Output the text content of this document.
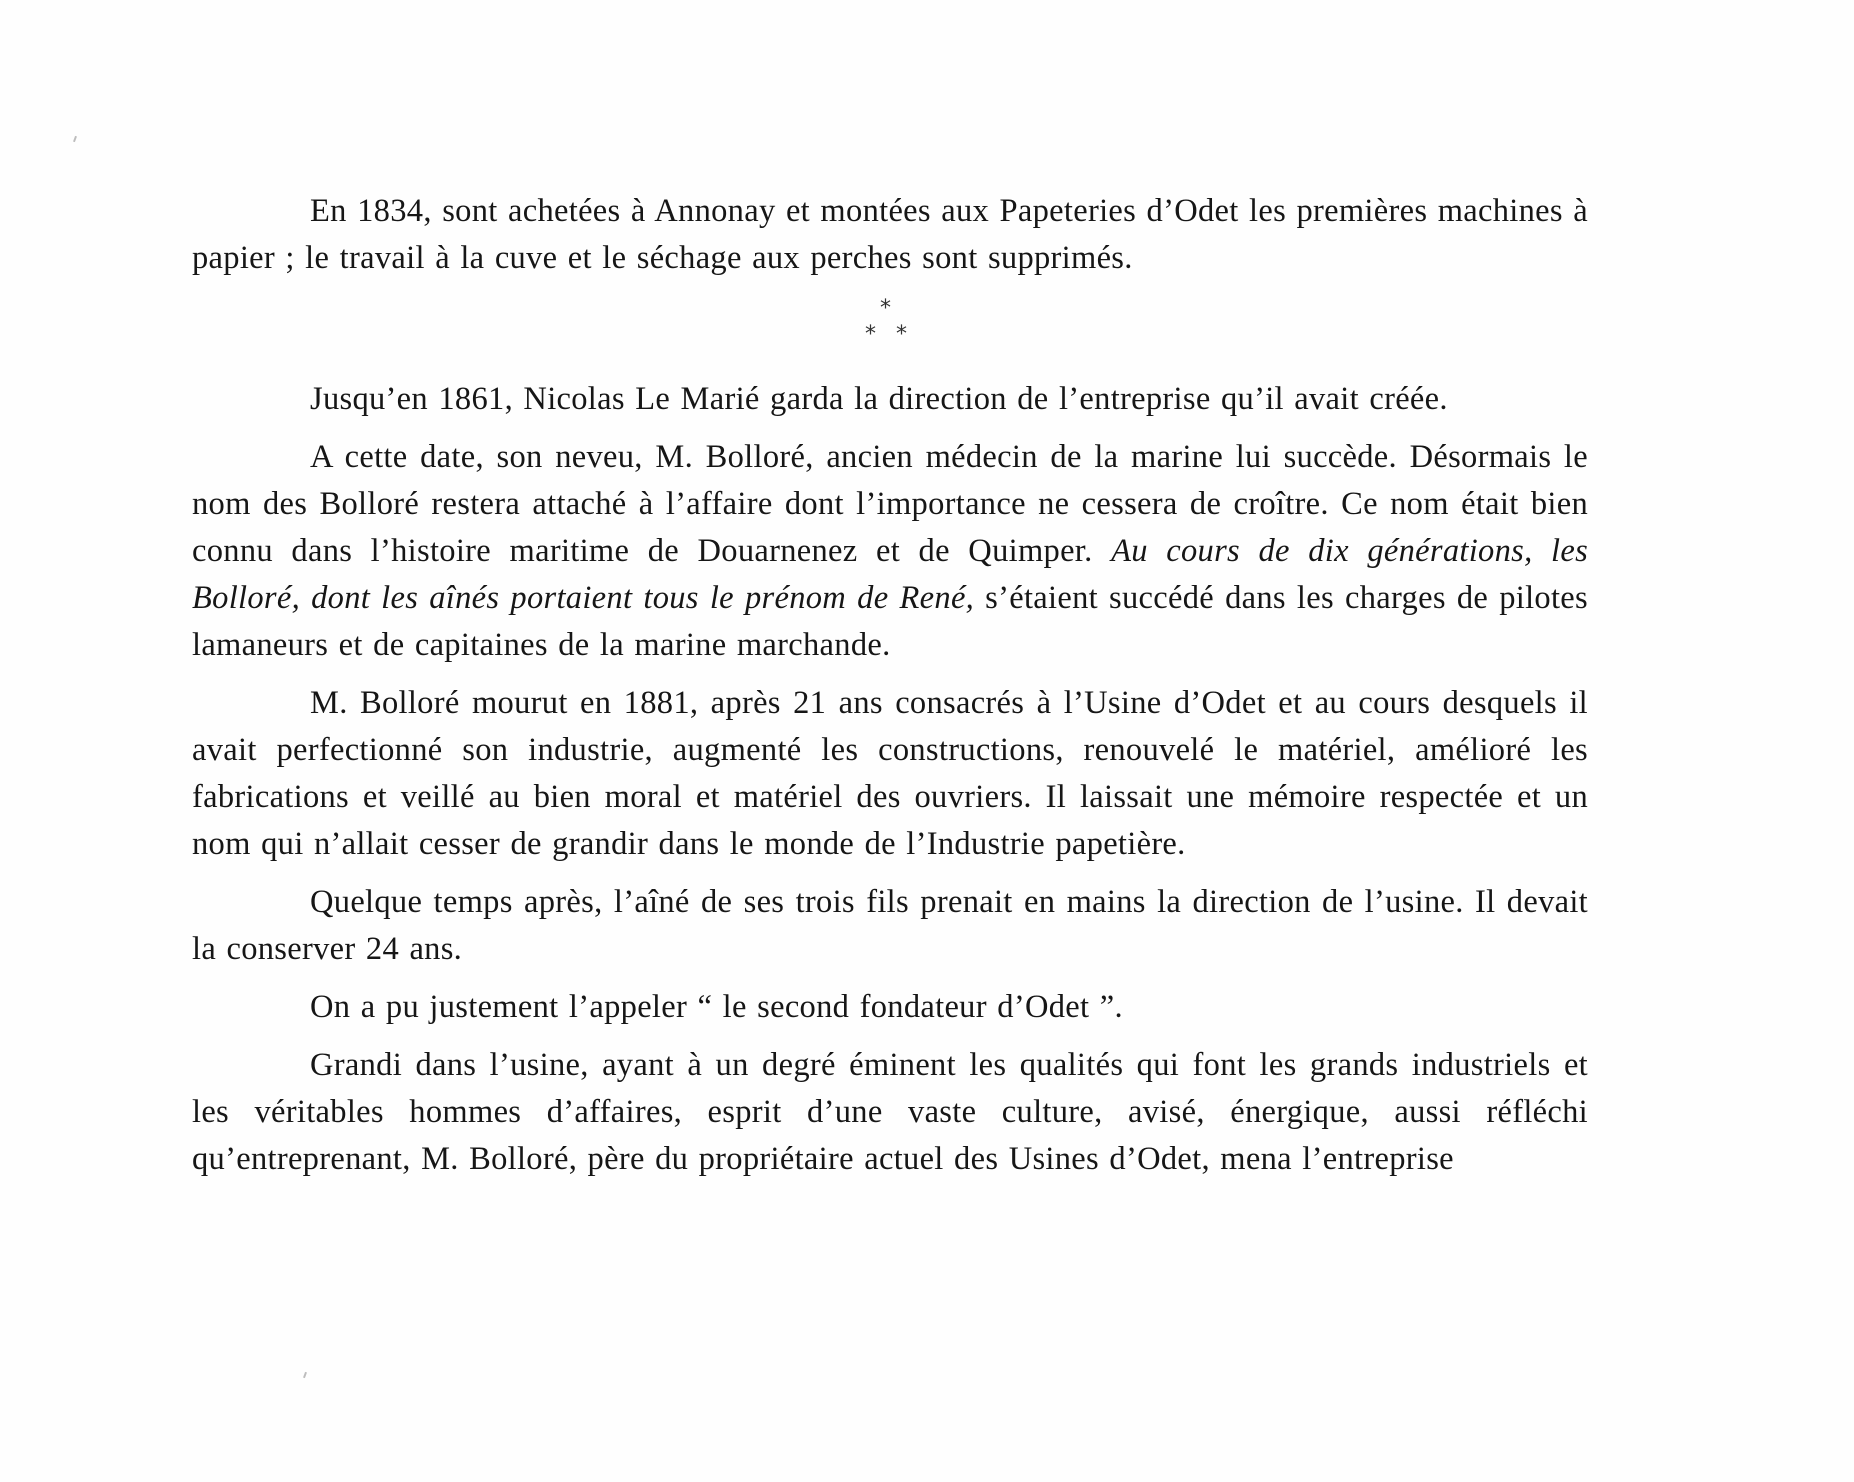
En 1834, sont achetées à Annonay et montées aux Papeteries d’Odet les premières machines à papier ; le travail à la cuve et le séchage aux perches sont supprimés.

*
* *

Jusqu’en 1861, Nicolas Le Marié garda la direction de l’entreprise qu’il avait créée.

A cette date, son neveu, M. Bolloré, ancien médecin de la marine lui succède. Désormais le nom des Bolloré restera attaché à l’affaire dont l’importance ne cessera de croître. Ce nom était bien connu dans l’histoire maritime de Douarnenez et de Quimper. Au cours de dix générations, les Bolloré, dont les aînés portaient tous le prénom de René, s’étaient succédé dans les charges de pilotes lamaneurs et de capitaines de la marine marchande.

M. Bolloré mourut en 1881, après 21 ans consacrés à l’Usine d’Odet et au cours desquels il avait perfectionné son industrie, augmenté les constructions, renouvelé le matériel, amélioré les fabrications et veillé au bien moral et matériel des ouvriers. Il laissait une mémoire respectée et un nom qui n’allait cesser de grandir dans le monde de l’Industrie papetière.

Quelque temps après, l’aîné de ses trois fils prenait en mains la direction de l’usine. Il devait la conserver 24 ans.

On a pu justement l’appeler “ le second fondateur d’Odet ”.

Grandi dans l’usine, ayant à un degré éminent les qualités qui font les grands industriels et les véritables hommes d’affaires, esprit d’une vaste culture, avisé, énergique, aussi réfléchi qu’entreprenant, M. Bolloré, père du propriétaire actuel des Usines d’Odet, mena l’entreprise
